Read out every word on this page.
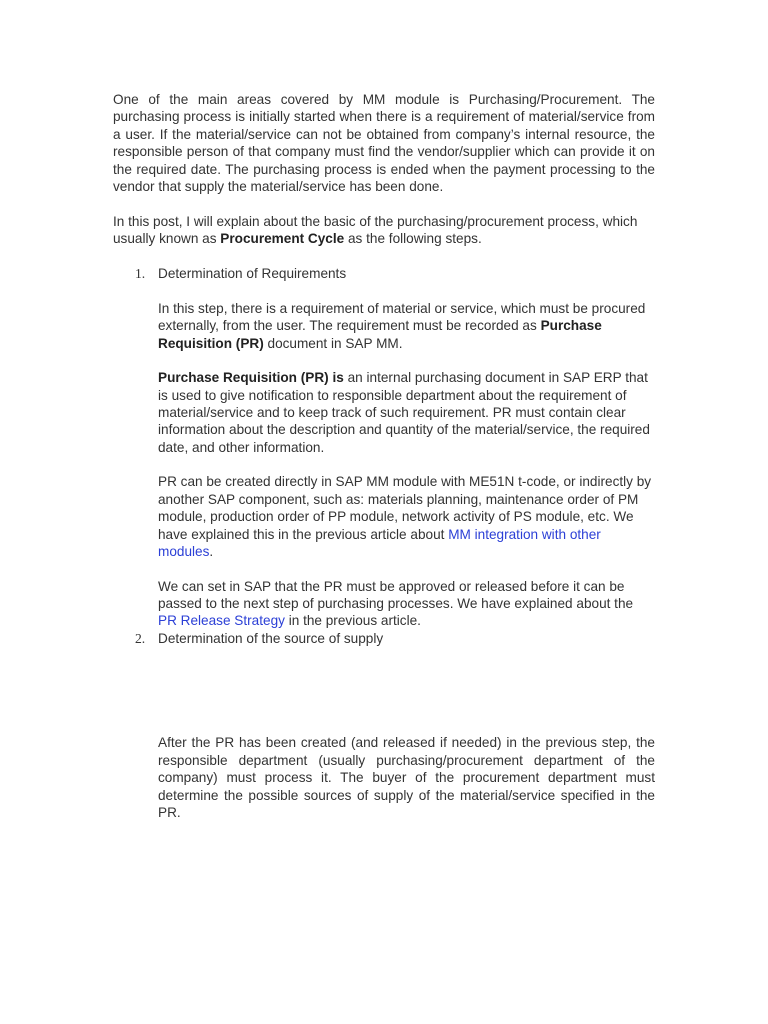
One of the main areas covered by MM module is Purchasing/Procurement. The purchasing process is initially started when there is a requirement of material/service from a user. If the material/service can not be obtained from company’s internal resource, the responsible person of that company must find the vendor/supplier which can provide it on the required date. The purchasing process is ended when the payment processing to the vendor that supply the material/service has been done.

In this post, I will explain about the basic of the purchasing/procurement process, which usually known as Procurement Cycle as the following steps.

1. Determination of Requirements

In this step, there is a requirement of material or service, which must be procured externally, from the user. The requirement must be recorded as Purchase Requisition (PR) document in SAP MM.

Purchase Requisition (PR) is an internal purchasing document in SAP ERP that is used to give notification to responsible department about the requirement of material/service and to keep track of such requirement. PR must contain clear information about the description and quantity of the material/service, the required date, and other information.

PR can be created directly in SAP MM module with ME51N t-code, or indirectly by another SAP component, such as: materials planning, maintenance order of PM module, production order of PP module, network activity of PS module, etc. We have explained this in the previous article about MM integration with other modules.

We can set in SAP that the PR must be approved or released before it can be passed to the next step of purchasing processes. We have explained about the PR Release Strategy in the previous article.

2. Determination of the source of supply

After the PR has been created (and released if needed) in the previous step, the responsible department (usually purchasing/procurement department of the company) must process it. The buyer of the procurement department must determine the possible sources of supply of the material/service specified in the PR.
